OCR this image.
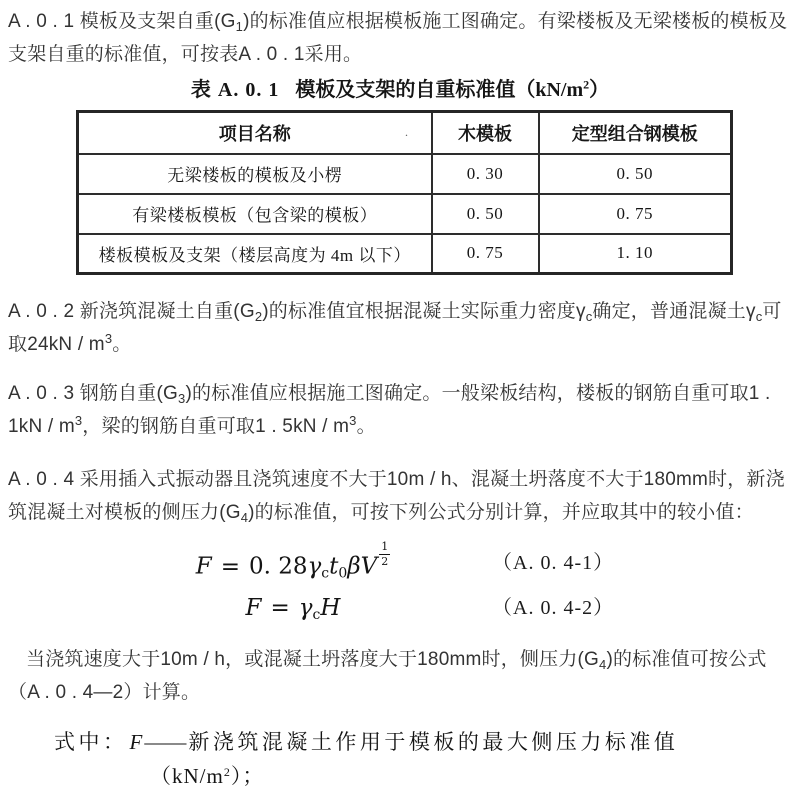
A . 0 . 1 模板及支架自重$(G_1)$的标准值应根据模板施工图确定。有梁楼板及无梁楼板的模板及支架自重的标准值，可按表A . 0 . 1采用。

表 A. 0. 1 模板及支架的自重标准值$(kN/m^2)$
项目名称 ·	木模板	定型组合钢模板
无梁楼板的模板及小楞	0. 30	0. 50
有梁楼板模板（包含梁的模板）	0. 50	0. 75
楼板模板及支架（楼层高度为 4m 以下）	0. 75	1. 10

A . 0 . 2 新浇筑混凝土自重$(G_2)$的标准值宜根据混凝土实际重力密度$\gamma_c$确定，普通混凝土$\gamma_c$可取$24kN / m^3$。

A . 0 . 3 钢筋自重$(G_3)$的标准值应根据施工图确定。一般梁板结构，楼板的钢筋自重可取1 . $1kN / m^3$，梁的钢筋自重可取1 . $5kN / m^3$。

A . 0 . 4 采用插入式振动器且浇筑速度不大于10m / h、混凝土坍落度不大于180mm时，新浇筑混凝土对模板的侧压力$(G_4)$的标准值，可按下列公式分别计算，并应取其中的较小值：

F = 0. $28\gamma_ct_0\beta V \frac{1}{2}$	（A. 0. 4-1）
$F = \gamma_cH$	（A. 0. 4-2）

当浇筑速度大于10m / h，或混凝土坍落度大于180mm时，侧压力$(G_4)$的标准值可按公式（A . 0 . 4—2）计算。

式中：F——新浇筑混凝土作用于模板的最大侧压力标准值
$(kN/m^2)$；
